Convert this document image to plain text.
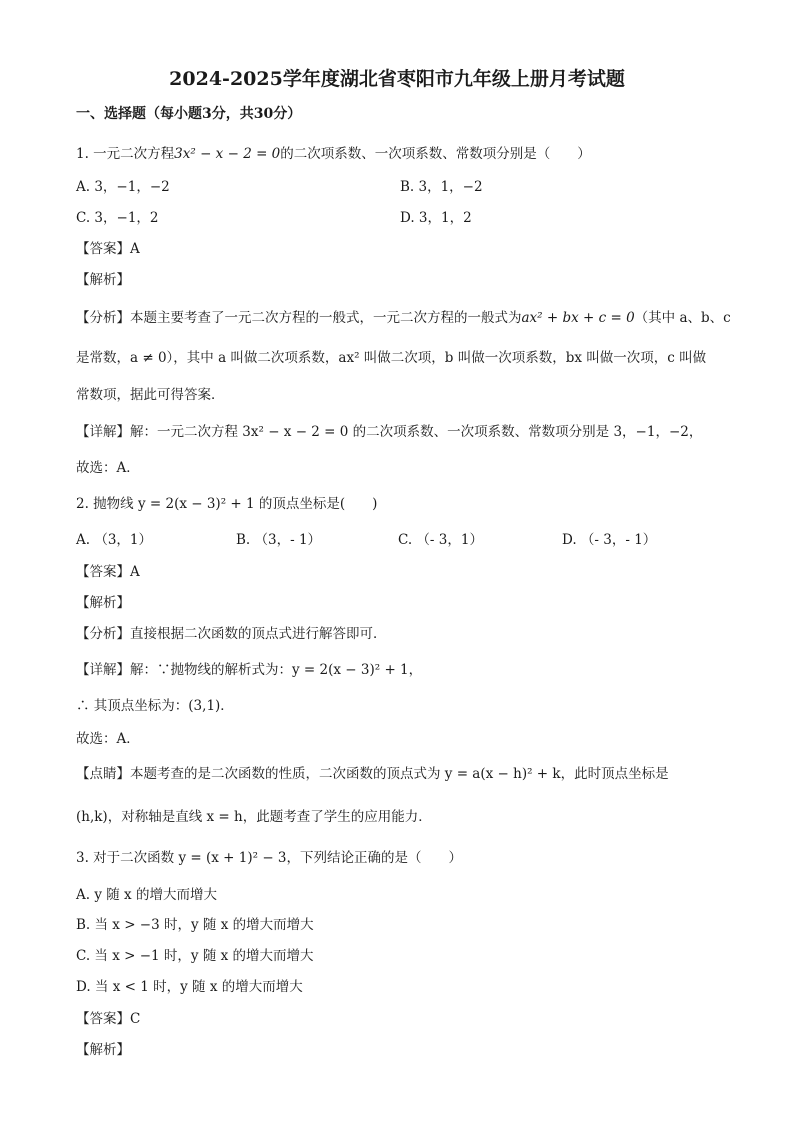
2024-2025学年度湖北省枣阳市九年级上册月考试题
一、选择题（每小题3分，共30分）
1. 一元二次方程3x² − x − 2 = 0的二次项系数、一次项系数、常数项分别是（　　）
A. 3，−1，−2	B. 3，1，−2
C. 3，−1，2	D. 3，1，2
【答案】A
【解析】
【分析】本题主要考查了一元二次方程的一般式，一元二次方程的一般式为ax² + bx + c = 0（其中 a、b、c
是常数，a ≠ 0），其中 a 叫做二次项系数，ax² 叫做二次项，b 叫做一次项系数，bx 叫做一次项，c 叫做
常数项，据此可得答案．
【详解】解：一元二次方程 3x² − x − 2 = 0 的二次项系数、一次项系数、常数项分别是 3，−1，−2，
故选：A．
2. 抛物线 y = 2(x − 3)² + 1 的顶点坐标是(　　)
A. （3，1）	B. （3，- 1）	C. （- 3，1）	D. （- 3，- 1）
【答案】A
【解析】
【分析】直接根据二次函数的顶点式进行解答即可．
【详解】解：∵抛物线的解析式为：y = 2(x − 3)² + 1，
∴ 其顶点坐标为：(3,1)．
故选：A．
【点睛】本题考查的是二次函数的性质，二次函数的顶点式为 y = a(x − h)² + k，此时顶点坐标是
(h,k)，对称轴是直线 x = h，此题考查了学生的应用能力．
3. 对于二次函数 y = (x + 1)² − 3，下列结论正确的是（　　）
A. y 随 x 的增大而增大
B. 当 x > −3 时，y 随 x 的增大而增大
C. 当 x > −1 时，y 随 x 的增大而增大
D. 当 x < 1 时，y 随 x 的增大而增大
【答案】C
【解析】
